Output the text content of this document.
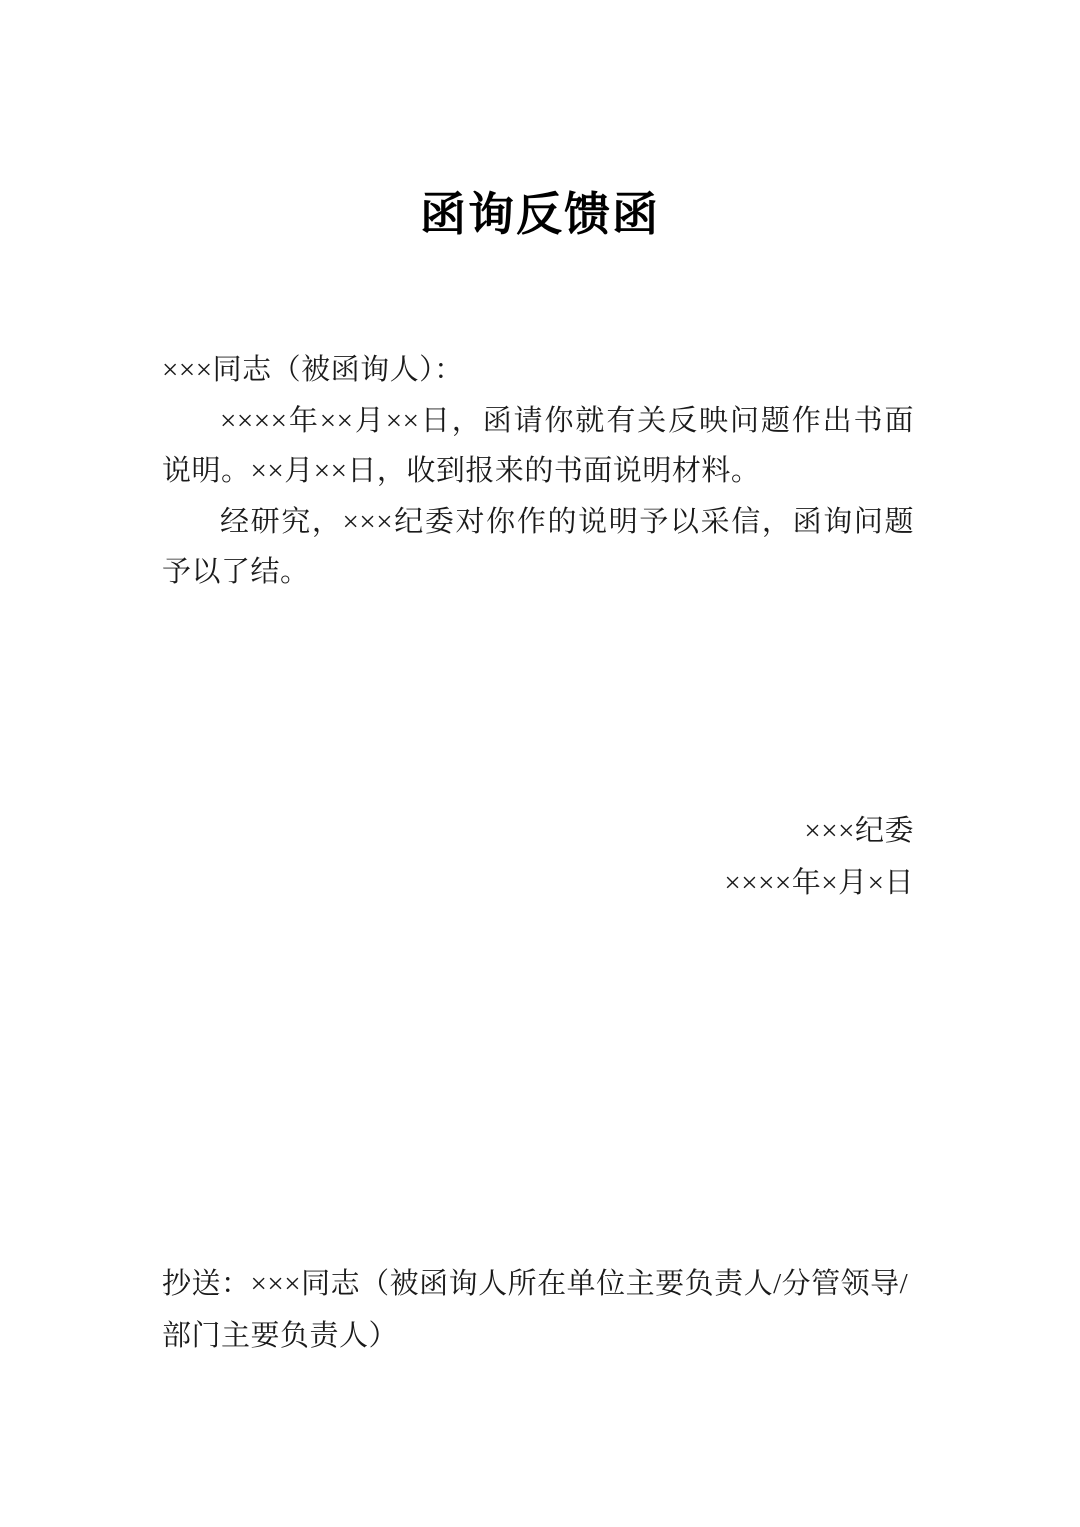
函询反馈函

×××同志（被函询人）：

××××年××月××日，函请你就有关反映问题作出书面说明。××月××日，收到报来的书面说明材料。

经研究，×××纪委对你作的说明予以采信，函询问题予以了结。

×××纪委
××××年×月×日
抄送：×××同志（被函询人所在单位主要负责人/分管领导/
部门主要负责人）
